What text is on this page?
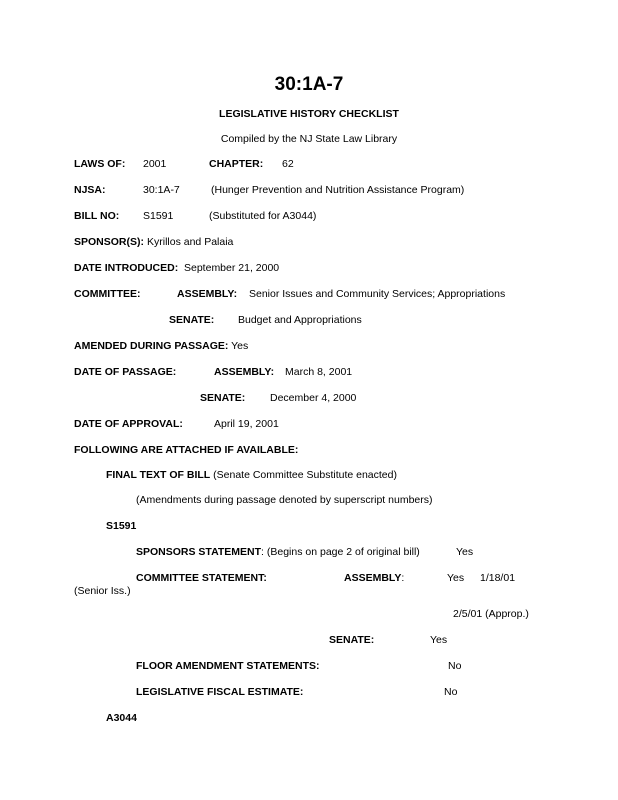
30:1A-7
LEGISLATIVE HISTORY CHECKLIST
Compiled by the NJ State Law Library
LAWS OF: 2001	CHAPTER: 62
NJSA:	30:1A-7	(Hunger Prevention and Nutrition Assistance Program)
BILL NO: S1591	(Substituted for A3044)
SPONSOR(S): Kyrillos and Palaia
DATE INTRODUCED: September 21, 2000
COMMITTEE:	ASSEMBLY: Senior Issues and Community Services; Appropriations
SENATE: Budget and Appropriations
AMENDED DURING PASSAGE: Yes
DATE OF PASSAGE:	ASSEMBLY: March 8, 2001
SENATE: December 4, 2000
DATE OF APPROVAL:	April 19, 2001
FOLLOWING ARE ATTACHED IF AVAILABLE:
FINAL TEXT OF BILL (Senate Committee Substitute enacted)
(Amendments during passage denoted by superscript numbers)
S1591
SPONSORS STATEMENT: (Begins on page 2 of original bill)	Yes
COMMITTEE STATEMENT:	ASSEMBLY:	Yes 1/18/01
(Senior Iss.)
2/5/01 (Approp.)
SENATE:	Yes
FLOOR AMENDMENT STATEMENTS:	No
LEGISLATIVE FISCAL ESTIMATE:	No
A3044
